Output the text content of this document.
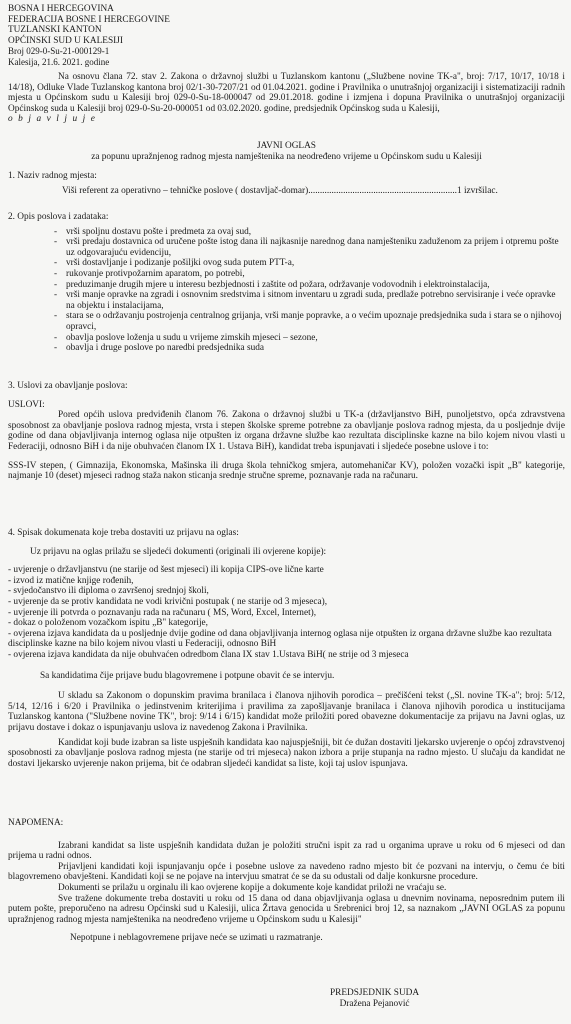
BOSNA I HERCEGOVINA
FEDERACIJA BOSNE I HERCEGOVINE
TUZLANSKI KANTON
OPĆINSKI SUD U KALESIJI
Broj 029-0-Su-21-000129-1
Kalesija, 21.6. 2021. godine

Na osnovu člana 72. stav 2. Zakona o državnoj službi u Tuzlanskom kantonu („Službene novine TK-a", broj: 7/17, 10/17, 10/18 i 14/18), Odluke Vlade Tuzlanskog kantona broj 02/1-30-7207/21 od 01.04.2021. godine i Pravilnika o unutrašnjoj organizaciji i sistematizaciji radnih mjesta u Općinskom sudu u Kalesiji broj 029-0-Su-18-000047 od 29.01.2018. godine i izmjena i dopuna Pravilnika o unutrašnjoj organizaciji Općinskog suda u Kalesiji broj 029-0-Su-20-000051 od 03.02.2020. godine, predsjednik Općinskog suda u Kalesiji,

o b j a v l j u j e

JAVNI OGLAS
za popunu upražnjenog radnog mjesta namještenika na neodređeno vrijeme u Općinskom sudu u Kalesiji
1. Naziv radnog mjesta:
Viši referent za operativno – tehničke poslove ( dostavljač-domar)................................................................1 izvršilac.
2. Opis poslova i zadataka:
- vrši spoljnu dostavu pošte i predmeta za ovaj sud,
- vrši predaju dostavnica od uručene pošte istog dana ili najkasnije narednog dana namješteniku zaduženom za prijem i otpremu pošte uz odgovarajuću evidenciju,
- vrši dostavljanje i podizanje pošiljki ovog suda putem PTT-a,
- rukovanje protivpožarnim aparatom, po potrebi,
- preduzimanje drugih mjere u interesu bezbjednosti i zaštite od požara, održavanje vodovodnih i elektroinstalacija,
- vrši manje opravke na zgradi i osnovnim sredstvima i sitnom inventaru u zgradi suda, predlaže potrebno servisiranje i veće opravke na objektu i instalacijama,
- stara se o održavanju postrojenja centralnog grijanja, vrši manje popravke, a o većim upoznaje predsjednika suda i stara se o njihovoj opravci,
- obavlja poslove loženja u sudu u vrijeme zimskih mjeseci – sezone,
- obavlja i druge poslove po naredbi predsjednika suda
3. Uslovi za obavljanje poslova:
USLOVI:

Pored općih uslova predviđenih članom 76. Zakona o državnoj službi u TK-a (državljanstvo BiH, punoljetstvo, opća zdravstvena sposobnost za obavljanje poslova radnog mjesta, vrsta i stepen školske spreme potrebne za obavljanje poslova radnog mjesta, da u posljednje dvije godine od dana objavljivanja internog oglasa nije otpušten iz organa državne službe kao rezultata disciplinske kazne na bilo kojem nivou vlasti u Federaciji, odnosno BiH i da nije obuhvaćen članom IX 1. Ustava BiH), kandidat treba ispunjavati i sljedeće posebne uslove i to:

SSS-IV stepen, ( Gimnazija, Ekonomska, Mašinska ili druga škola tehničkog smjera, automehaničar KV), položen vozački ispit „B" kategorije, najmanje 10 (deset) mjeseci radnog staža nakon sticanja srednje stručne spreme, poznavanje rada na računaru.

4. Spisak dokumenata koje treba dostaviti uz prijavu na oglas:
Uz prijavu na oglas prilažu se sljedeći dokumenti (originali ili ovjerene kopije):
- uvjerenje o državljanstvu (ne starije od šest mjeseci) ili kopija CIPS-ove lične karte
- izvod iz matične knjige rođenih,
- svjedočanstvo ili diploma o završenoj srednjoj školi,
- uvjerenje da se protiv kandidata ne vodi krivični postupak ( ne starije od 3 mjeseca),
- uvjerenje ili potvrda o poznavanju rada na računaru ( MS, Word, Excel, Internet),
- dokaz o položenom vozačkom ispitu „B" kategorije,
- ovjerena izjava kandidata da u posljednje dvije godine od dana objavljivanja internog oglasa nije otpušten iz organa državne službe kao rezultata disciplinske kazne na bilo kojem nivou vlasti u Federaciji, odnosno BiH
- ovjerena izjava kandidata da nije obuhvaćen odredbom člana IX stav 1.Ustava BiH( ne strije od 3 mjeseca

Sa kandidatima čije prijave budu blagovremene i potpune obavit će se intervju.

U skladu sa Zakonom o dopunskim pravima branilaca i članova njihovih porodica – prečišćeni tekst („Sl. novine TK-a"; broj: 5/12, 5/14, 12/16 i 6/20 i Pravilnika o jedinstvenim kriterijima i pravilima za zapošljavanje branilaca i članova njihovih porodica u institucijama Tuzlanskog kantona ("Službene novine TK", broj: 9/14 i 6/15) kandidat može priložiti pored obavezne dokumentacije za prijavu na Javni oglas, uz prijavu dostave i dokaz o ispunjavanju uslova iz navedenog Zakona i Pravilnika.

Kandidat koji bude izabran sa liste uspješnih kandidata kao najuspješniji, bit će dužan dostaviti ljekarsko uvjerenje o općoj zdravstvenoj sposobnosti za obavljanje poslova radnog mjesta (ne starije od tri mjeseca) nakon izbora a prije stupanja na radno mjesto. U slučaju da kandidat ne dostavi ljekarsko uvjerenje nakon prijema, bit će odabran sljedeći kandidat sa liste, koji taj uslov ispunjava.

NAPOMENA:

Izabrani kandidat sa liste uspješnih kandidata dužan je položiti stručni ispit za rad u organima uprave u roku od 6 mjeseci od dan prijema u radni odnos.

Prijavljeni kandidati koji ispunjavanju opće i posebne uslove za navedeno radno mjesto bit će pozvani na intervju, o čemu će biti blagovremeno obavješteni. Kandidati koji se ne pojave na intervjuu smatrat će se da su odustali od dalje konkursne procedure.

Dokumenti se prilažu u orginalu ili kao ovjerene kopije a dokumente koje kandidat priloži ne vraćaju se.

Sve tražene dokumente treba dostaviti u roku od 15 dana od dana objavljivanja oglasa u dnevnim novinama, neposrednim putem ili putem pošte, preporučeno na adresu Općinski sud u Kalesiji, ulica Žrtava genocida u Srebrenici broj 12, sa naznakom „JAVNI OGLAS za popunu upražnjenog radnog mjesta namještenika na neodređeno vrijeme u Općinskom sudu u Kalesiji"

Nepotpune i neblagovremene prijave neće se uzimati u razmatranje.

PREDSJEDNIK SUDA
Dražena Pejanović
